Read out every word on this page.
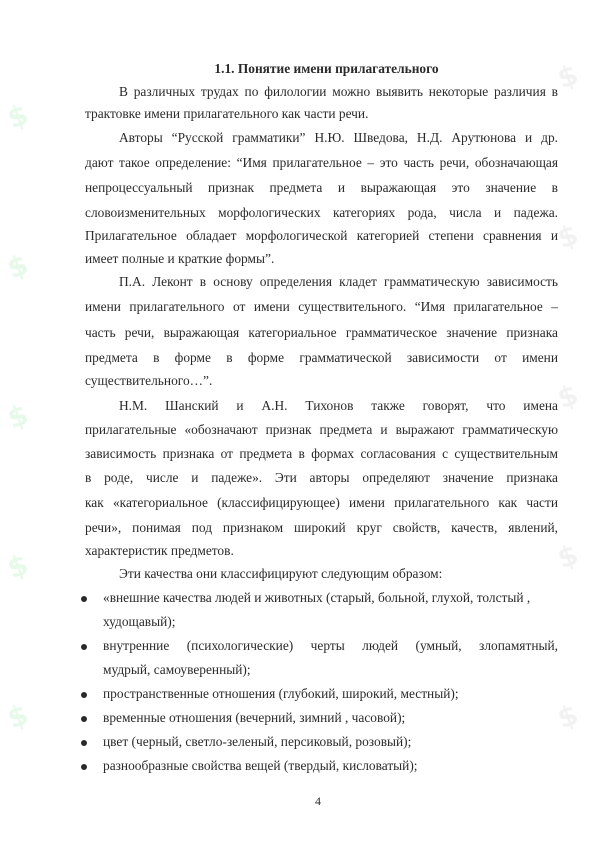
$
$
$
$
$
$
$
$
$
$
1.1. Понятие имени прилагательного
В различных трудах по филологии можно выявить некоторые различия в
трактовке имени прилагательного как части речи.
Авторы “Русской грамматики” Н.Ю. Шведова, Н.Д. Арутюнова и др.
дают такое определение: “Имя прилагательное – это часть речи, обозначающая
непроцессуальный признак предмета и выражающая это значение в
словоизменительных морфологических категориях рода, числа и падежа.
Прилагательное обладает морфологической категорией степени сравнения и
имеет полные и краткие формы”.
П.А. Леконт в основу определения кладет грамматическую зависимость
имени прилагательного от имени существительного. “Имя прилагательное –
часть речи, выражающая категориальное грамматическое значение признака
предмета в форме в форме грамматической зависимости от имени
существительного…”.
Н.М. Шанский и А.Н. Тихонов также говорят, что имена
прилагательные «обозначают признак предмета и выражают грамматическую
зависимость признака от предмета в формах согласования с существительным
в роде, числе и падеже». Эти авторы определяют значение признака
как «категориальное (классифицирующее) имени прилагательного как части
речи», понимая под признаком широкий круг свойств, качеств, явлений,
характеристик предметов.
Эти качества они классифицируют следующим образом:
«внешние качества людей и животных (старый, больной, глухой, толстый ,
худощавый);
внутренние (психологические) черты людей (умный, злопамятный,
мудрый, самоуверенный);
пространственные отношения (глубокий, широкий, местный);
временные отношения (вечерний, зимний , часовой);
цвет (черный, светло-зеленый, персиковый, розовый);
разнообразные свойства вещей (твердый, кисловатый);
4
